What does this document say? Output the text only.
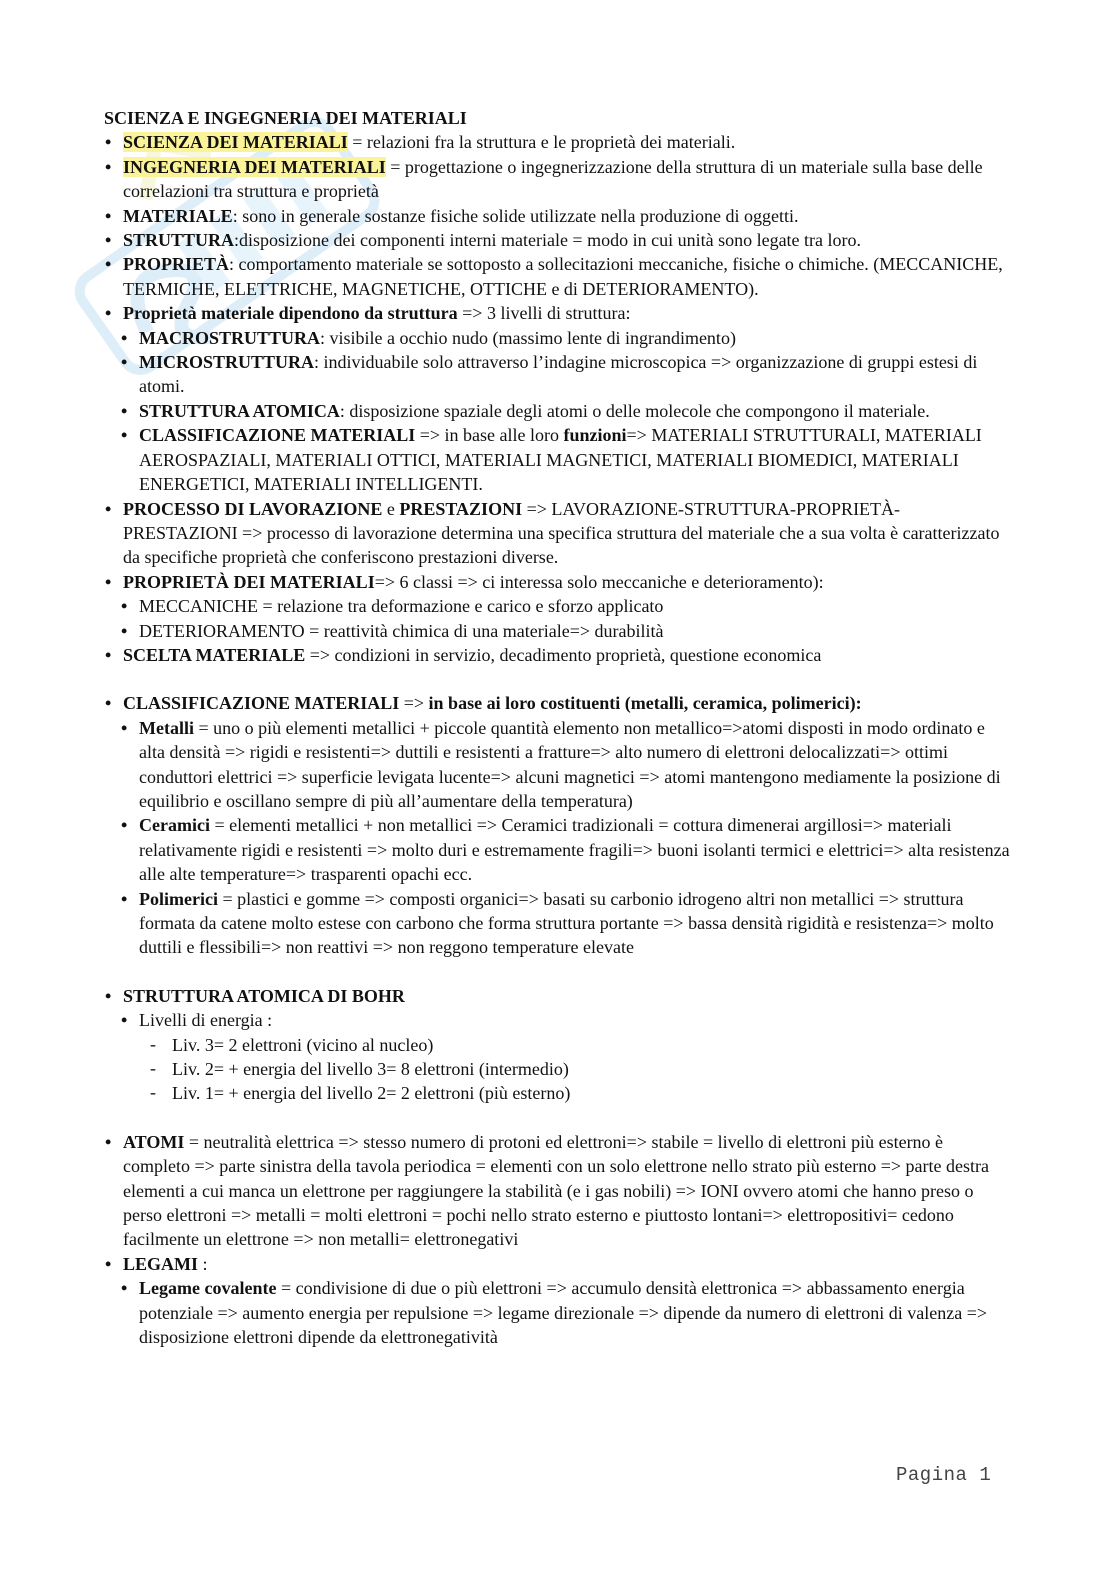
SCIENZA E INGEGNERIA DEI MATERIALI

• SCIENZA DEI MATERIALI = relazioni fra la struttura e le proprietà dei materiali.
• INGEGNERIA DEI MATERIALI = progettazione o ingegnerizzazione della struttura di un materiale sulla base delle correlazioni tra struttura e proprietà
• MATERIALE: sono in generale sostanze fisiche solide utilizzate nella produzione di oggetti.
• STRUTTURA:disposizione dei componenti interni materiale = modo in cui unità sono legate tra loro.
• PROPRIETÀ: comportamento materiale se sottoposto a sollecitazioni meccaniche, fisiche o chimiche. (MECCANICHE, TERMICHE, ELETTRICHE, MAGNETICHE, OTTICHE e di DETERIORAMENTO).
• Proprietà materiale dipendono da struttura => 3 livelli di struttura:
• MACROSTRUTTURA: visibile a occhio nudo (massimo lente di ingrandimento)
• MICROSTRUTTURA: individuabile solo attraverso l’indagine microscopica => organizzazione di gruppi estesi di atomi.
• STRUTTURA ATOMICA: disposizione spaziale degli atomi o delle molecole che compongono il materiale.
• CLASSIFICAZIONE MATERIALI => in base alle loro funzioni=> MATERIALI STRUTTURALI, MATERIALI AEROSPAZIALI, MATERIALI OTTICI, MATERIALI MAGNETICI, MATERIALI BIOMEDICI, MATERIALI ENERGETICI, MATERIALI INTELLIGENTI.
• PROCESSO DI LAVORAZIONE e PRESTAZIONI => LAVORAZIONE-STRUTTURA-PROPRIETÀ-PRESTAZIONI => processo di lavorazione determina una specifica struttura del materiale che a sua volta è caratterizzato da specifiche proprietà che conferiscono prestazioni diverse.
• PROPRIETÀ DEI MATERIALI=> 6 classi => ci interessa solo meccaniche e deterioramento):
• MECCANICHE = relazione tra deformazione e carico e sforzo applicato
• DETERIORAMENTO = reattività chimica di una materiale=> durabilità
• SCELTA MATERIALE => condizioni in servizio, decadimento proprietà, questione economica
• CLASSIFICAZIONE MATERIALI => in base ai loro costituenti (metalli, ceramica, polimerici):
• Metalli = uno o più elementi metallici + piccole quantità elemento non metallico=>atomi disposti in modo ordinato e alta densità => rigidi e resistenti=> duttili e resistenti a fratture=> alto numero di elettroni delocalizzati=> ottimi conduttori elettrici => superficie levigata lucente=> alcuni magnetici => atomi mantengono mediamente la posizione di equilibrio e oscillano sempre di più all’aumentare della temperatura)
• Ceramici = elementi metallici + non metallici => Ceramici tradizionali = cottura dimenerai argillosi=> materiali relativamente rigidi e resistenti => molto duri e estremamente fragili=> buoni isolanti termici e elettrici=> alta resistenza alle alte temperature=> trasparenti opachi ecc.
• Polimerici = plastici e gomme => composti organici=> basati su carbonio idrogeno altri non metallici => struttura formata da catene molto estese con carbono che forma struttura portante => bassa densità rigidità e resistenza=> molto duttili e flessibili=> non reattivi => non reggono temperature elevate
• STRUTTURA ATOMICA DI BOHR
• Livelli di energia :
- Liv. 3= 2 elettroni (vicino al nucleo)
- Liv. 2= + energia del livello 3= 8 elettroni (intermedio)
- Liv. 1= + energia del livello 2= 2 elettroni (più esterno)
• ATOMI = neutralità elettrica => stesso numero di protoni ed elettroni=> stabile = livello di elettroni più esterno è completo => parte sinistra della tavola periodica = elementi con un solo elettrone nello strato più esterno => parte destra elementi a cui manca un elettrone per raggiungere la stabilità (e i gas nobili) => IONI ovvero atomi che hanno preso o perso elettroni => metalli = molti elettroni = pochi nello strato esterno e piuttosto lontani=> elettropositivi= cedono facilmente un elettrone => non metalli= elettronegativi
• LEGAMI :
• Legame covalente = condivisione di due o più elettroni => accumulo densità elettronica => abbassamento energia potenziale => aumento energia per repulsione => legame direzionale => dipende da numero di elettroni di valenza => disposizione elettroni dipende da elettronegatività
Pagina 1
